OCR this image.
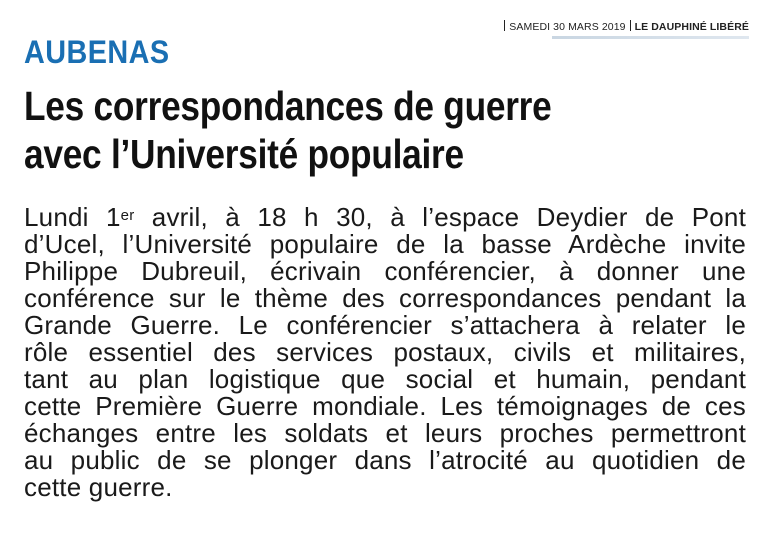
SAMEDI 30 MARS 2019 LE DAUPHINÉ LIBÉRÉ
AUBENAS
Les correspondances de guerre
avec l’Université populaire
Lundi 1er avril, à 18 h 30, à l’espace Deydier de Pont
d’Ucel, l’Université populaire de la basse Ardèche invite
Philippe Dubreuil, écrivain conférencier, à donner une
conférence sur le thème des correspondances pendant la
Grande Guerre. Le conférencier s’attachera à relater le
rôle essentiel des services postaux, civils et militaires,
tant au plan logistique que social et humain, pendant
cette Première Guerre mondiale. Les témoignages de ces
échanges entre les soldats et leurs proches permettront
au public de se plonger dans l’atrocité au quotidien de
cette guerre.
